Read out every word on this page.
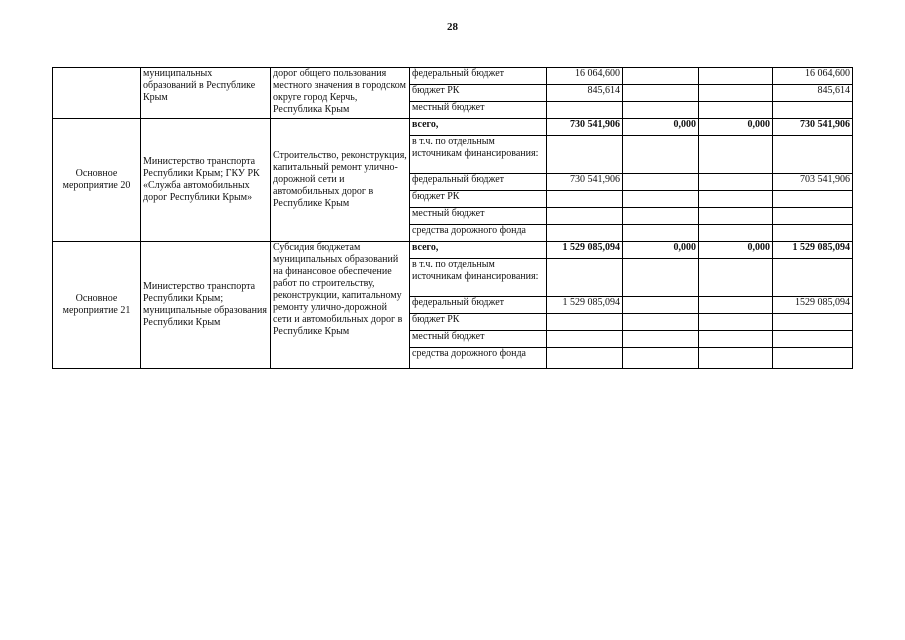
28
	муниципальных образований в Республике Крым	дорог общего пользования местного значения в городском округе город Керчь, Республика Крым	федеральный бюджет	16 064,600			16 064,600
			бюджет РК	845,614			845,614
			местный бюджет				
Основное мероприятие 20	Министерство транспорта Республики Крым; ГКУ РК «Служба автомобильных дорог Республики Крым»	Строительство, реконструкция, капитальный ремонт улично-дорожной сети и автомобильных дорог в Республике Крым	всего,	730 541,906	0,000	0,000	730 541,906
			в т.ч. по отдельным источникам финансирования:				
			федеральный бюджет	730 541,906			703 541,906
			бюджет РК				
			местный бюджет				
			средства дорожного фонда				
Основное мероприятие 21	Министерство транспорта Республики Крым; муниципальные образования Республики Крым	Субсидия бюджетам муниципальных образований на финансовое обеспечение работ по строительству, реконструкции, капитальному ремонту улично-дорожной сети и автомобильных дорог в Республике Крым	всего,	1 529 085,094	0,000	0,000	1 529 085,094
			в т.ч. по отдельным источникам финансирования:				
			федеральный бюджет	1 529 085,094			1529 085,094
			бюджет РК				
			местный бюджет				
			средства дорожного фонда				
